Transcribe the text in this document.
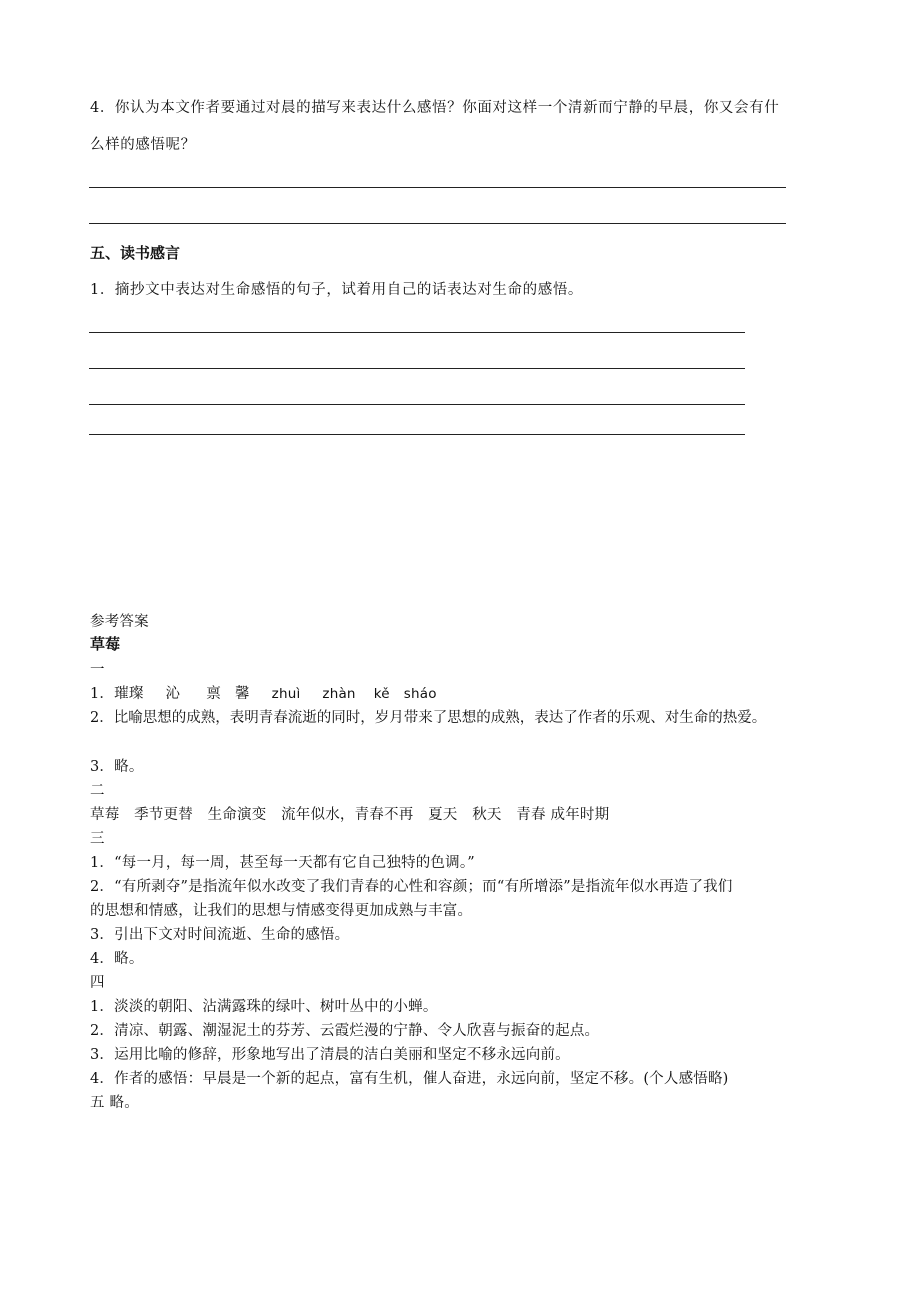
4．你认为本文作者要通过对晨的描写来表达什么感悟？你面对这样一个清新而宁静的早晨，你又会有什
么样的感悟呢？
五、读书感言
1．摘抄文中表达对生命感悟的句子，试着用自己的话表达对生命的感悟。
参考答案
草莓
一
1．璀璨 沁 禀 馨 zhuì zhàn kě sháo
2．比喻思想的成熟，表明青春流逝的同时，岁月带来了思想的成熟，表达了作者的乐观、对生命的热爱。
3．略。
二
草莓　季节更替　生命演变　流年似水，青春不再　夏天　秋天　青春 成年时期
三
1．“每一月，每一周，甚至每一天都有它自己独特的色调。”
2．“有所剥夺”是指流年似水改变了我们青春的心性和容颜；而“有所增添”是指流年似水再造了我们
的思想和情感，让我们的思想与情感变得更加成熟与丰富。
3．引出下文对时间流逝、生命的感悟。
4．略。
四
1．淡淡的朝阳、沾满露珠的绿叶、树叶丛中的小蝉。
2．清凉、朝露、潮湿泥土的芬芳、云霞烂漫的宁静、令人欣喜与振奋的起点。
3．运用比喻的修辞，形象地写出了清晨的洁白美丽和坚定不移永远向前。
4．作者的感悟：早晨是一个新的起点，富有生机，催人奋进，永远向前，坚定不移。(个人感悟略)
五 略。
